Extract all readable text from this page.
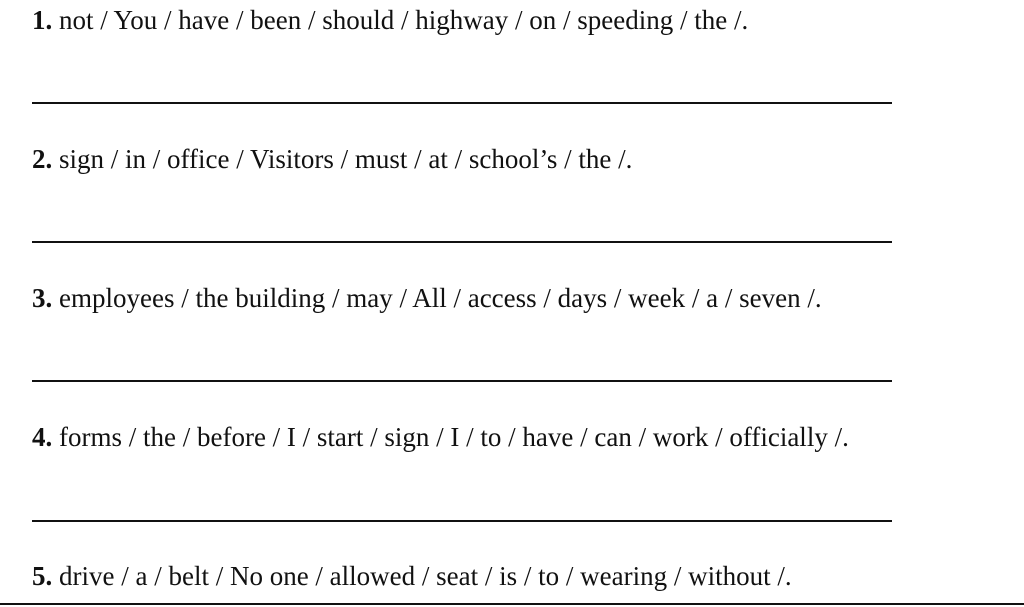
1. not / You / have / been / should / highway / on / speeding / the /.
2. sign / in / office / Visitors / must / at / school’s / the /.
3. employees / the building / may / All / access / days / week / a / seven /.
4. forms / the / before / I / start / sign / I / to / have / can / work / officially /.
5. drive / a / belt / No one / allowed / seat / is / to / wearing / without /.
